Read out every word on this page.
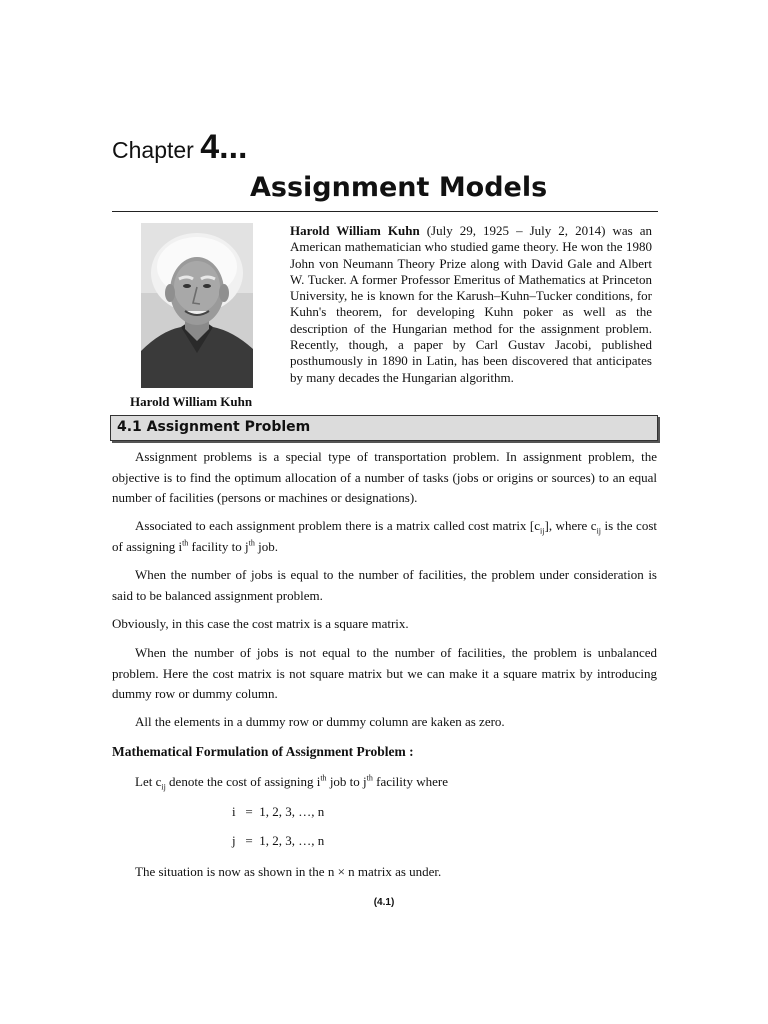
Chapter 4...
Assignment Models
Harold William Kuhn
Harold William Kuhn (July 29, 1925 – July 2, 2014) was an American mathematician who studied game theory. He won the 1980 John von Neumann Theory Prize along with David Gale and Albert W. Tucker. A former Professor Emeritus of Mathematics at Princeton University, he is known for the Karush–Kuhn–Tucker conditions, for Kuhn's theorem, for developing Kuhn poker as well as the description of the Hungarian method for the assignment problem. Recently, though, a paper by Carl Gustav Jacobi, published posthumously in 1890 in Latin, has been discovered that anticipates by many decades the Hungarian algorithm.
4.1 Assignment Problem
Assignment problems is a special type of transportation problem. In assignment problem, the objective is to find the optimum allocation of a number of tasks (jobs or origins or sources) to an equal number of facilities (persons or machines or designations).
Associated to each assignment problem there is a matrix called cost matrix $[c_{ij}]$, where $c_{ij}$ is the cost of assigning $i^{th}$ facility to $j^{th}$ job.
When the number of jobs is equal to the number of facilities, the problem under consideration is said to be balanced assignment problem.
Obviously, in this case the cost matrix is a square matrix.
When the number of jobs is not equal to the number of facilities, the problem is unbalanced problem. Here the cost matrix is not square matrix but we can make it a square matrix by introducing dummy row or dummy column.
All the elements in a dummy row or dummy column are kaken as zero.
Mathematical Formulation of Assignment Problem :
Let $c_{ij}$ denote the cost of assigning $i^{th}$ job to $j^{th}$ facility where
i   =  1, 2, 3, …, n
j   =  1, 2, 3, …, n
The situation is now as shown in the n × n matrix as under.
(4.1)
